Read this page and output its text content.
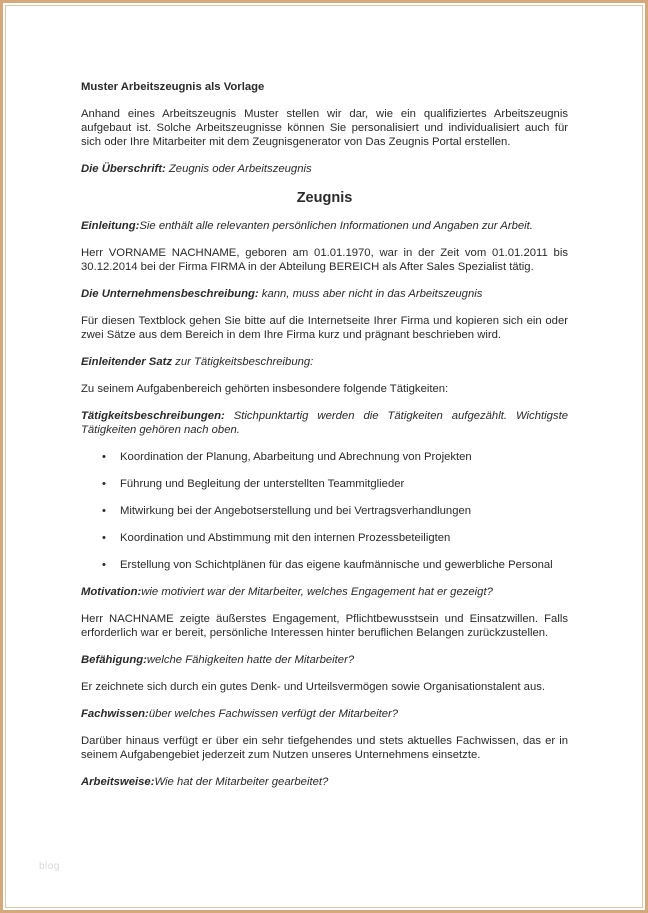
Muster Arbeitszeugnis als Vorlage

Anhand eines Arbeitszeugnis Muster stellen wir dar, wie ein qualifiziertes Arbeitszeugnis aufgebaut ist. Solche Arbeitszeugnisse können Sie personalisiert und individualisiert auch für sich oder Ihre Mitarbeiter mit dem Zeugnisgenerator von Das Zeugnis Portal erstellen.

Die Überschrift: Zeugnis oder Arbeitszeugnis

Zeugnis

Einleitung:Sie enthält alle relevanten persönlichen Informationen und Angaben zur Arbeit.

Herr VORNAME NACHNAME, geboren am 01.01.1970, war in der Zeit vom 01.01.2011 bis 30.12.2014 bei der Firma FIRMA in der Abteilung BEREICH als After Sales Spezialist tätig.

Die Unternehmensbeschreibung: kann, muss aber nicht in das Arbeitszeugnis

Für diesen Textblock gehen Sie bitte auf die Internetseite Ihrer Firma und kopieren sich ein oder zwei Sätze aus dem Bereich in dem Ihre Firma kurz und prägnant beschrieben wird.

Einleitender Satz zur Tätigkeitsbeschreibung:

Zu seinem Aufgabenbereich gehörten insbesondere folgende Tätigkeiten:

Tätigkeitsbeschreibungen: Stichpunktartig werden die Tätigkeiten aufgezählt. Wichtigste Tätigkeiten gehören nach oben.

• Koordination der Planung, Abarbeitung und Abrechnung von Projekten
• Führung und Begleitung der unterstellten Teammitglieder
• Mitwirkung bei der Angebotserstellung und bei Vertragsverhandlungen
• Koordination und Abstimmung mit den internen Prozessbeteiligten
• Erstellung von Schichtplänen für das eigene kaufmännische und gewerbliche Personal

Motivation:wie motiviert war der Mitarbeiter, welches Engagement hat er gezeigt?

Herr NACHNAME zeigte äußerstes Engagement, Pflichtbewusstsein und Einsatzwillen. Falls erforderlich war er bereit, persönliche Interessen hinter beruflichen Belangen zurückzustellen.

Befähigung:welche Fähigkeiten hatte der Mitarbeiter?

Er zeichnete sich durch ein gutes Denk- und Urteilsvermögen sowie Organisationstalent aus.

Fachwissen:über welches Fachwissen verfügt der Mitarbeiter?

Darüber hinaus verfügt er über ein sehr tiefgehendes und stets aktuelles Fachwissen, das er in seinem Aufgabengebiet jederzeit zum Nutzen unseres Unternehmens einsetzte.

Arbeitsweise:Wie hat der Mitarbeiter gearbeitet?

blog
